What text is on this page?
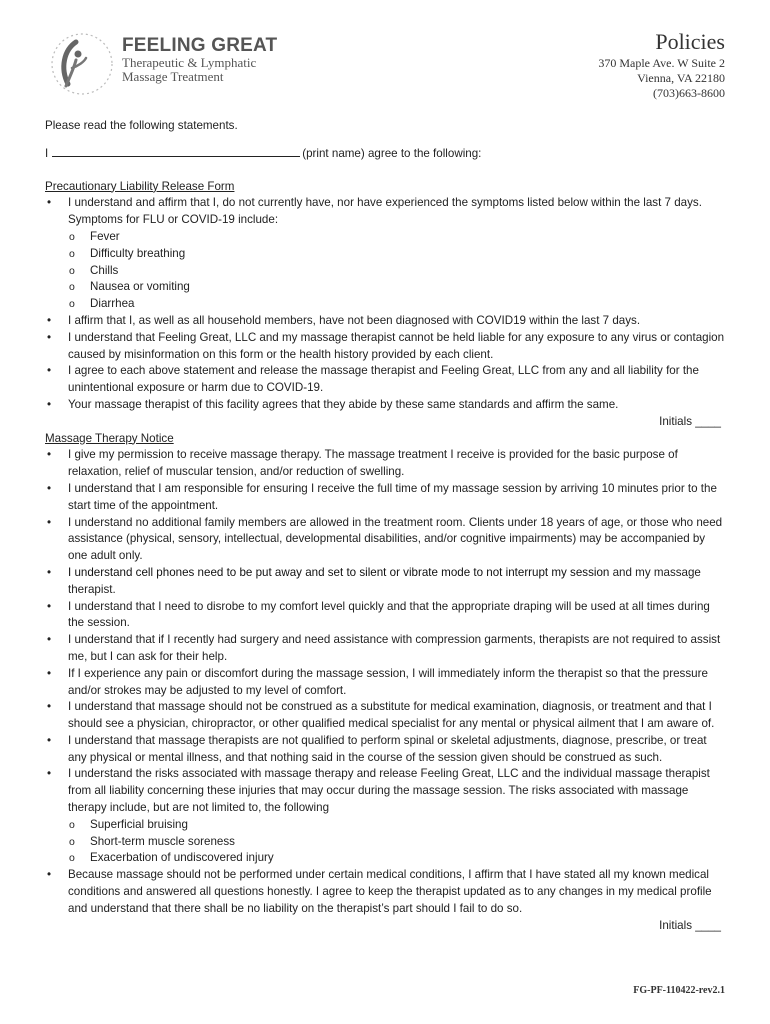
FEELING GREAT
Therapeutic & Lymphatic
Massage Treatment
Policies
370 Maple Ave. W Suite 2
Vienna, VA 22180
(703)663-8600

Please read the following statements.

I	(print name) agree to the following:

Precautionary Liability Release Form

• I understand and affirm that I, do not currently have, nor have experienced the symptoms listed below within the last 7 days. Symptoms for FLU or COVID-19 include:
o Fever
o Difficulty breathing
o Chills
o Nausea or vomiting
o Diarrhea
• I affirm that I, as well as all household members, have not been diagnosed with COVID19 within the last 7 days.
• I understand that Feeling Great, LLC and my massage therapist cannot be held liable for any exposure to any virus or contagion caused by misinformation on this form or the health history provided by each client.
• I agree to each above statement and release the massage therapist and Feeling Great, LLC from any and all liability for the unintentional exposure or harm due to COVID-19.
• Your massage therapist of this facility agrees that they abide by these same standards and affirm the same.

Initials ____

Massage Therapy Notice

• I give my permission to receive massage therapy. The massage treatment I receive is provided for the basic purpose of relaxation, relief of muscular tension, and/or reduction of swelling.
• I understand that I am responsible for ensuring I receive the full time of my massage session by arriving 10 minutes prior to the start time of the appointment.
• I understand no additional family members are allowed in the treatment room. Clients under 18 years of age, or those who need assistance (physical, sensory, intellectual, developmental disabilities, and/or cognitive impairments) may be accompanied by one adult only.
• I understand cell phones need to be put away and set to silent or vibrate mode to not interrupt my session and my massage therapist.
• I understand that I need to disrobe to my comfort level quickly and that the appropriate draping will be used at all times during the session.
• I understand that if I recently had surgery and need assistance with compression garments, therapists are not required to assist me, but I can ask for their help.
• If I experience any pain or discomfort during the massage session, I will immediately inform the therapist so that the pressure and/or strokes may be adjusted to my level of comfort.
• I understand that massage should not be construed as a substitute for medical examination, diagnosis, or treatment and that I should see a physician, chiropractor, or other qualified medical specialist for any mental or physical ailment that I am aware of.
• I understand that massage therapists are not qualified to perform spinal or skeletal adjustments, diagnose, prescribe, or treat any physical or mental illness, and that nothing said in the course of the session given should be construed as such.
• I understand the risks associated with massage therapy and release Feeling Great, LLC and the individual massage therapist from all liability concerning these injuries that may occur during the massage session. The risks associated with massage therapy include, but are not limited to, the following
o Superficial bruising
o Short-term muscle soreness
o Exacerbation of undiscovered injury
• Because massage should not be performed under certain medical conditions, I affirm that I have stated all my known medical conditions and answered all questions honestly. I agree to keep the therapist updated as to any changes in my medical profile and understand that there shall be no liability on the therapist’s part should I fail to do so.

Initials ____

FG-PF-110422-rev2.1
